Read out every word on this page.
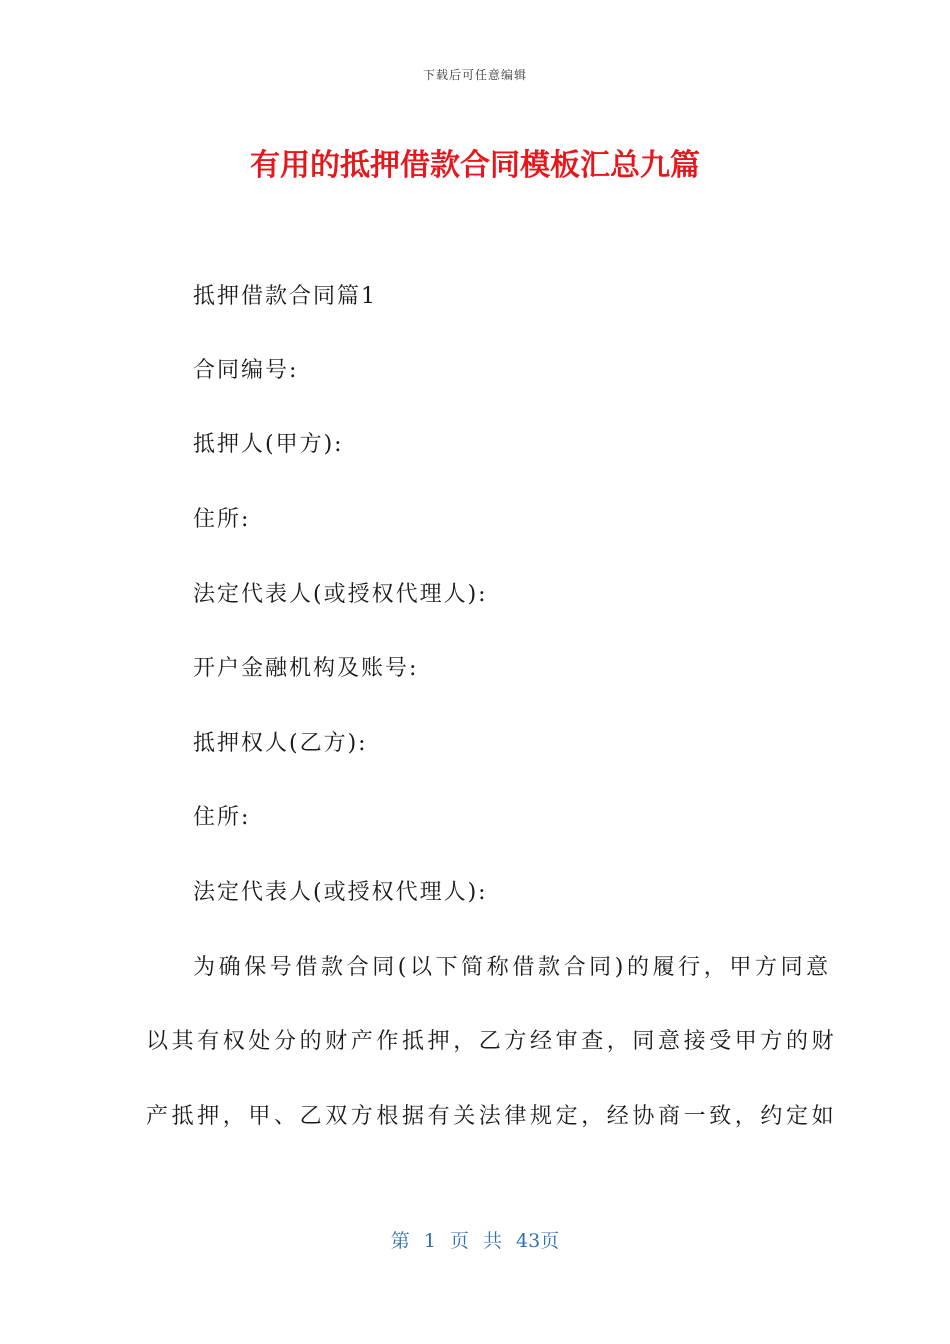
下载后可任意编辑
有用的抵押借款合同模板汇总九篇
抵押借款合同篇1
合同编号:
抵押人(甲方):
住所:
法定代表人(或授权代理人):
开户金融机构及账号:
抵押权人(乙方):
住所:
法定代表人(或授权代理人):
为确保号借款合同(以下简称借款合同)的履行，甲方同意
以其有权处分的财产作抵押，乙方经审查，同意接受甲方的财
产抵押，甲、乙双方根据有关法律规定，经协商一致，约定如
第 1 页 共 43页
